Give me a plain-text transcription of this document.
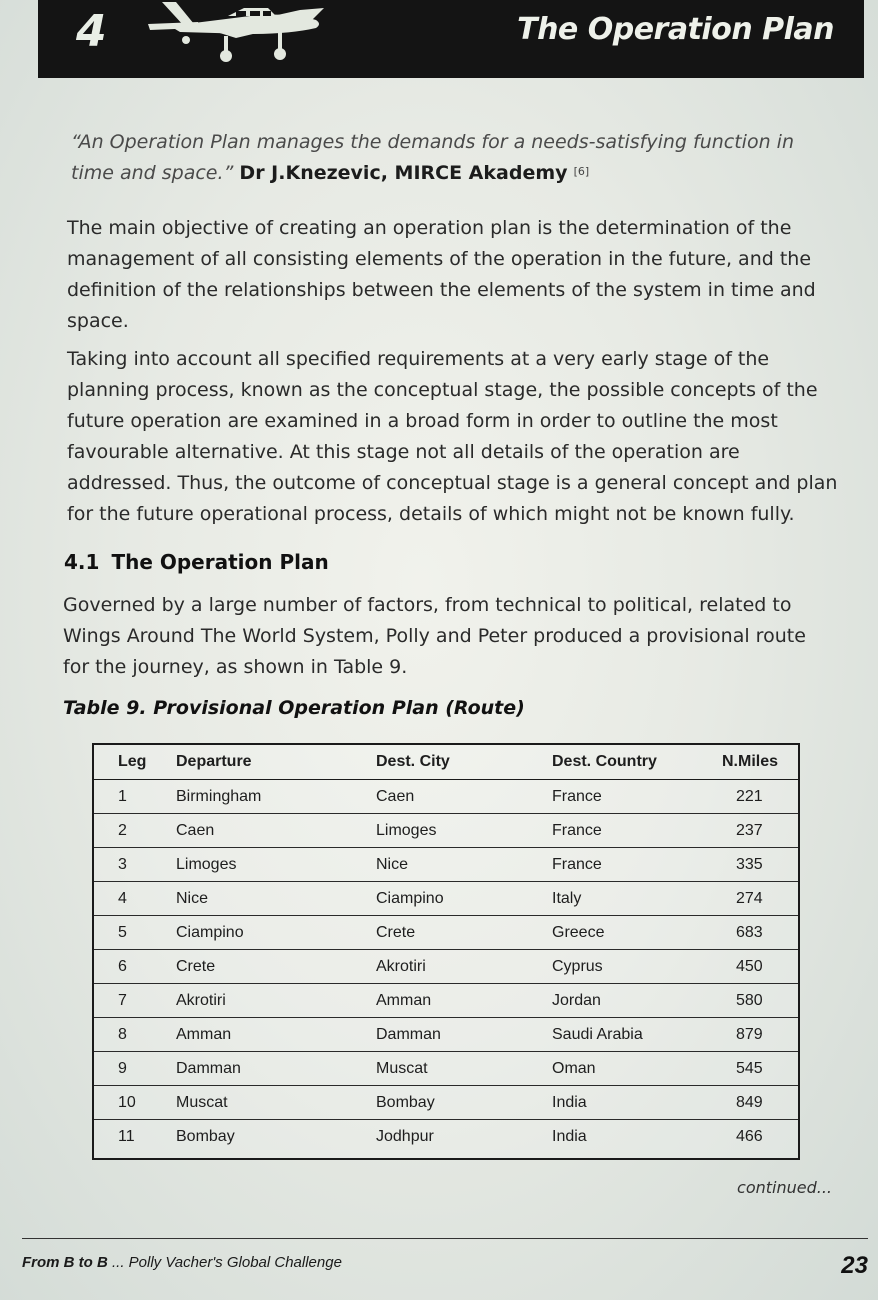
4	The Operation Plan
“An Operation Plan manages the demands for a needs-satisfying function in time and space.” Dr J.Knezevic, MIRCE Akademy [6]
The main objective of creating an operation plan is the determination of the management of all consisting elements of the operation in the future, and the definition of the relationships between the elements of the system in time and space.
Taking into account all specified requirements at a very early stage of the planning process, known as the conceptual stage, the possible concepts of the future operation are examined in a broad form in order to outline the most favourable alternative. At this stage not all details of the operation are addressed. Thus, the outcome of conceptual stage is a general concept and plan for the future operational process, details of which might not be known fully.
4.1 The Operation Plan
Governed by a large number of factors, from technical to political, related to Wings Around The World System, Polly and Peter produced a provisional route for the journey, as shown in Table 9.
Table 9. Provisional Operation Plan (Route)
Leg	Departure	Dest. City	Dest. Country	N.Miles
1	Birmingham	Caen	France	221
2	Caen	Limoges	France	237
3	Limoges	Nice	France	335
4	Nice	Ciampino	Italy	274
5	Ciampino	Crete	Greece	683
6	Crete	Akrotiri	Cyprus	450
7	Akrotiri	Amman	Jordan	580
8	Amman	Damman	Saudi Arabia	879
9	Damman	Muscat	Oman	545
10	Muscat	Bombay	India	849
11	Bombay	Jodhpur	India	466
continued...
From B to B ... Polly Vacher's Global Challenge	23
